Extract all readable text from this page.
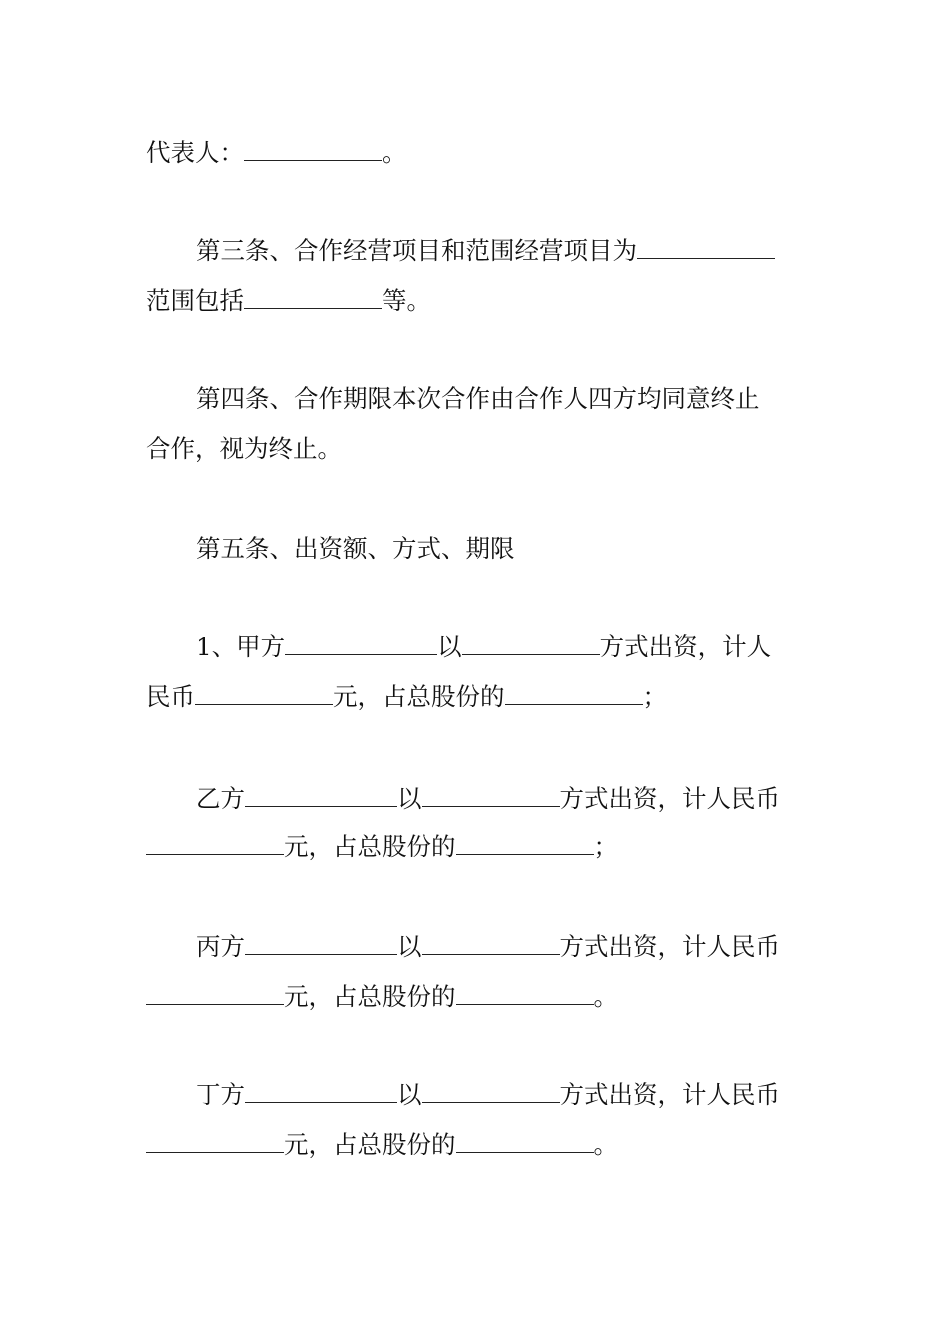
代表人：	。
第三条、合作经营项目和范围经营项目为
范围包括	等。
第四条、合作期限本次合作由合作人四方均同意终止
合作，视为终止。
第五条、出资额、方式、期限
1、甲方	以	方式出资，计人
民币	元，占总股份的	；
乙方	以	方式出资，计人民币
元，占总股份的	；
丙方	以	方式出资，计人民币
元，占总股份的	。
丁方	以	方式出资，计人民币
元，占总股份的	。
